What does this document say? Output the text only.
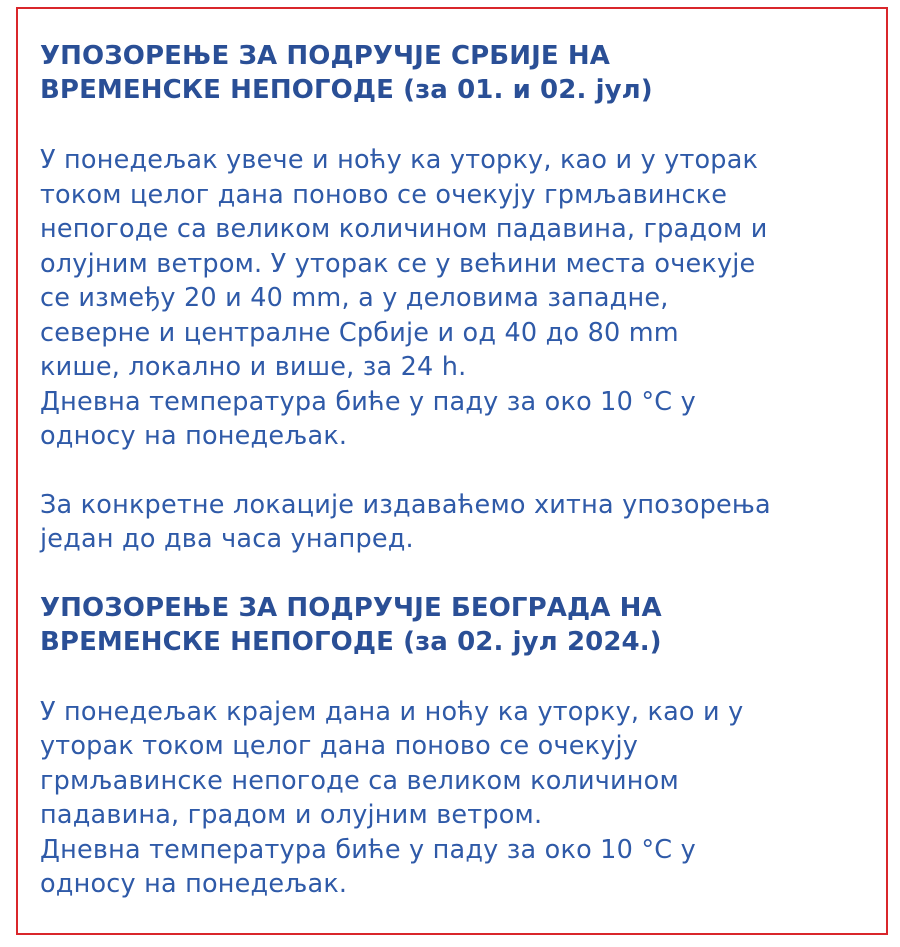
УПОЗОРЕЊЕ ЗА ПОДРУЧЈЕ СРБИЈЕ НА
ВРЕМЕНСКЕ НЕПОГОДЕ (за 01. и 02. јул)

У понедељак увече и ноћу ка уторку, као и у уторак
током целог дана поново се очекују грмљавинске
непогоде са великом количином падавина, градом и
олујним ветром. У уторак се у већини места очекује
се између 20 и 40 mm, а у деловима западне,
северне и централне Србије и од 40 до 80 mm
кише, локално и више, за 24 h.
Дневна температура биће у паду за око 10 °C у
односу на понедељак.

За конкретне локације издаваћемо хитна упозорења
један до два часа унапред.

УПОЗОРЕЊЕ ЗА ПОДРУЧЈЕ БЕОГРАДА НА
ВРЕМЕНСКЕ НЕПОГОДЕ (за 02. јул 2024.)

У понедељак крајем дана и ноћу ка уторку, као и у
уторак током целог дана поново се очекују
грмљавинске непогоде са великом количином
падавина, градом и олујним ветром.
Дневна температура биће у паду за око 10 °C у
односу на понедељак.
